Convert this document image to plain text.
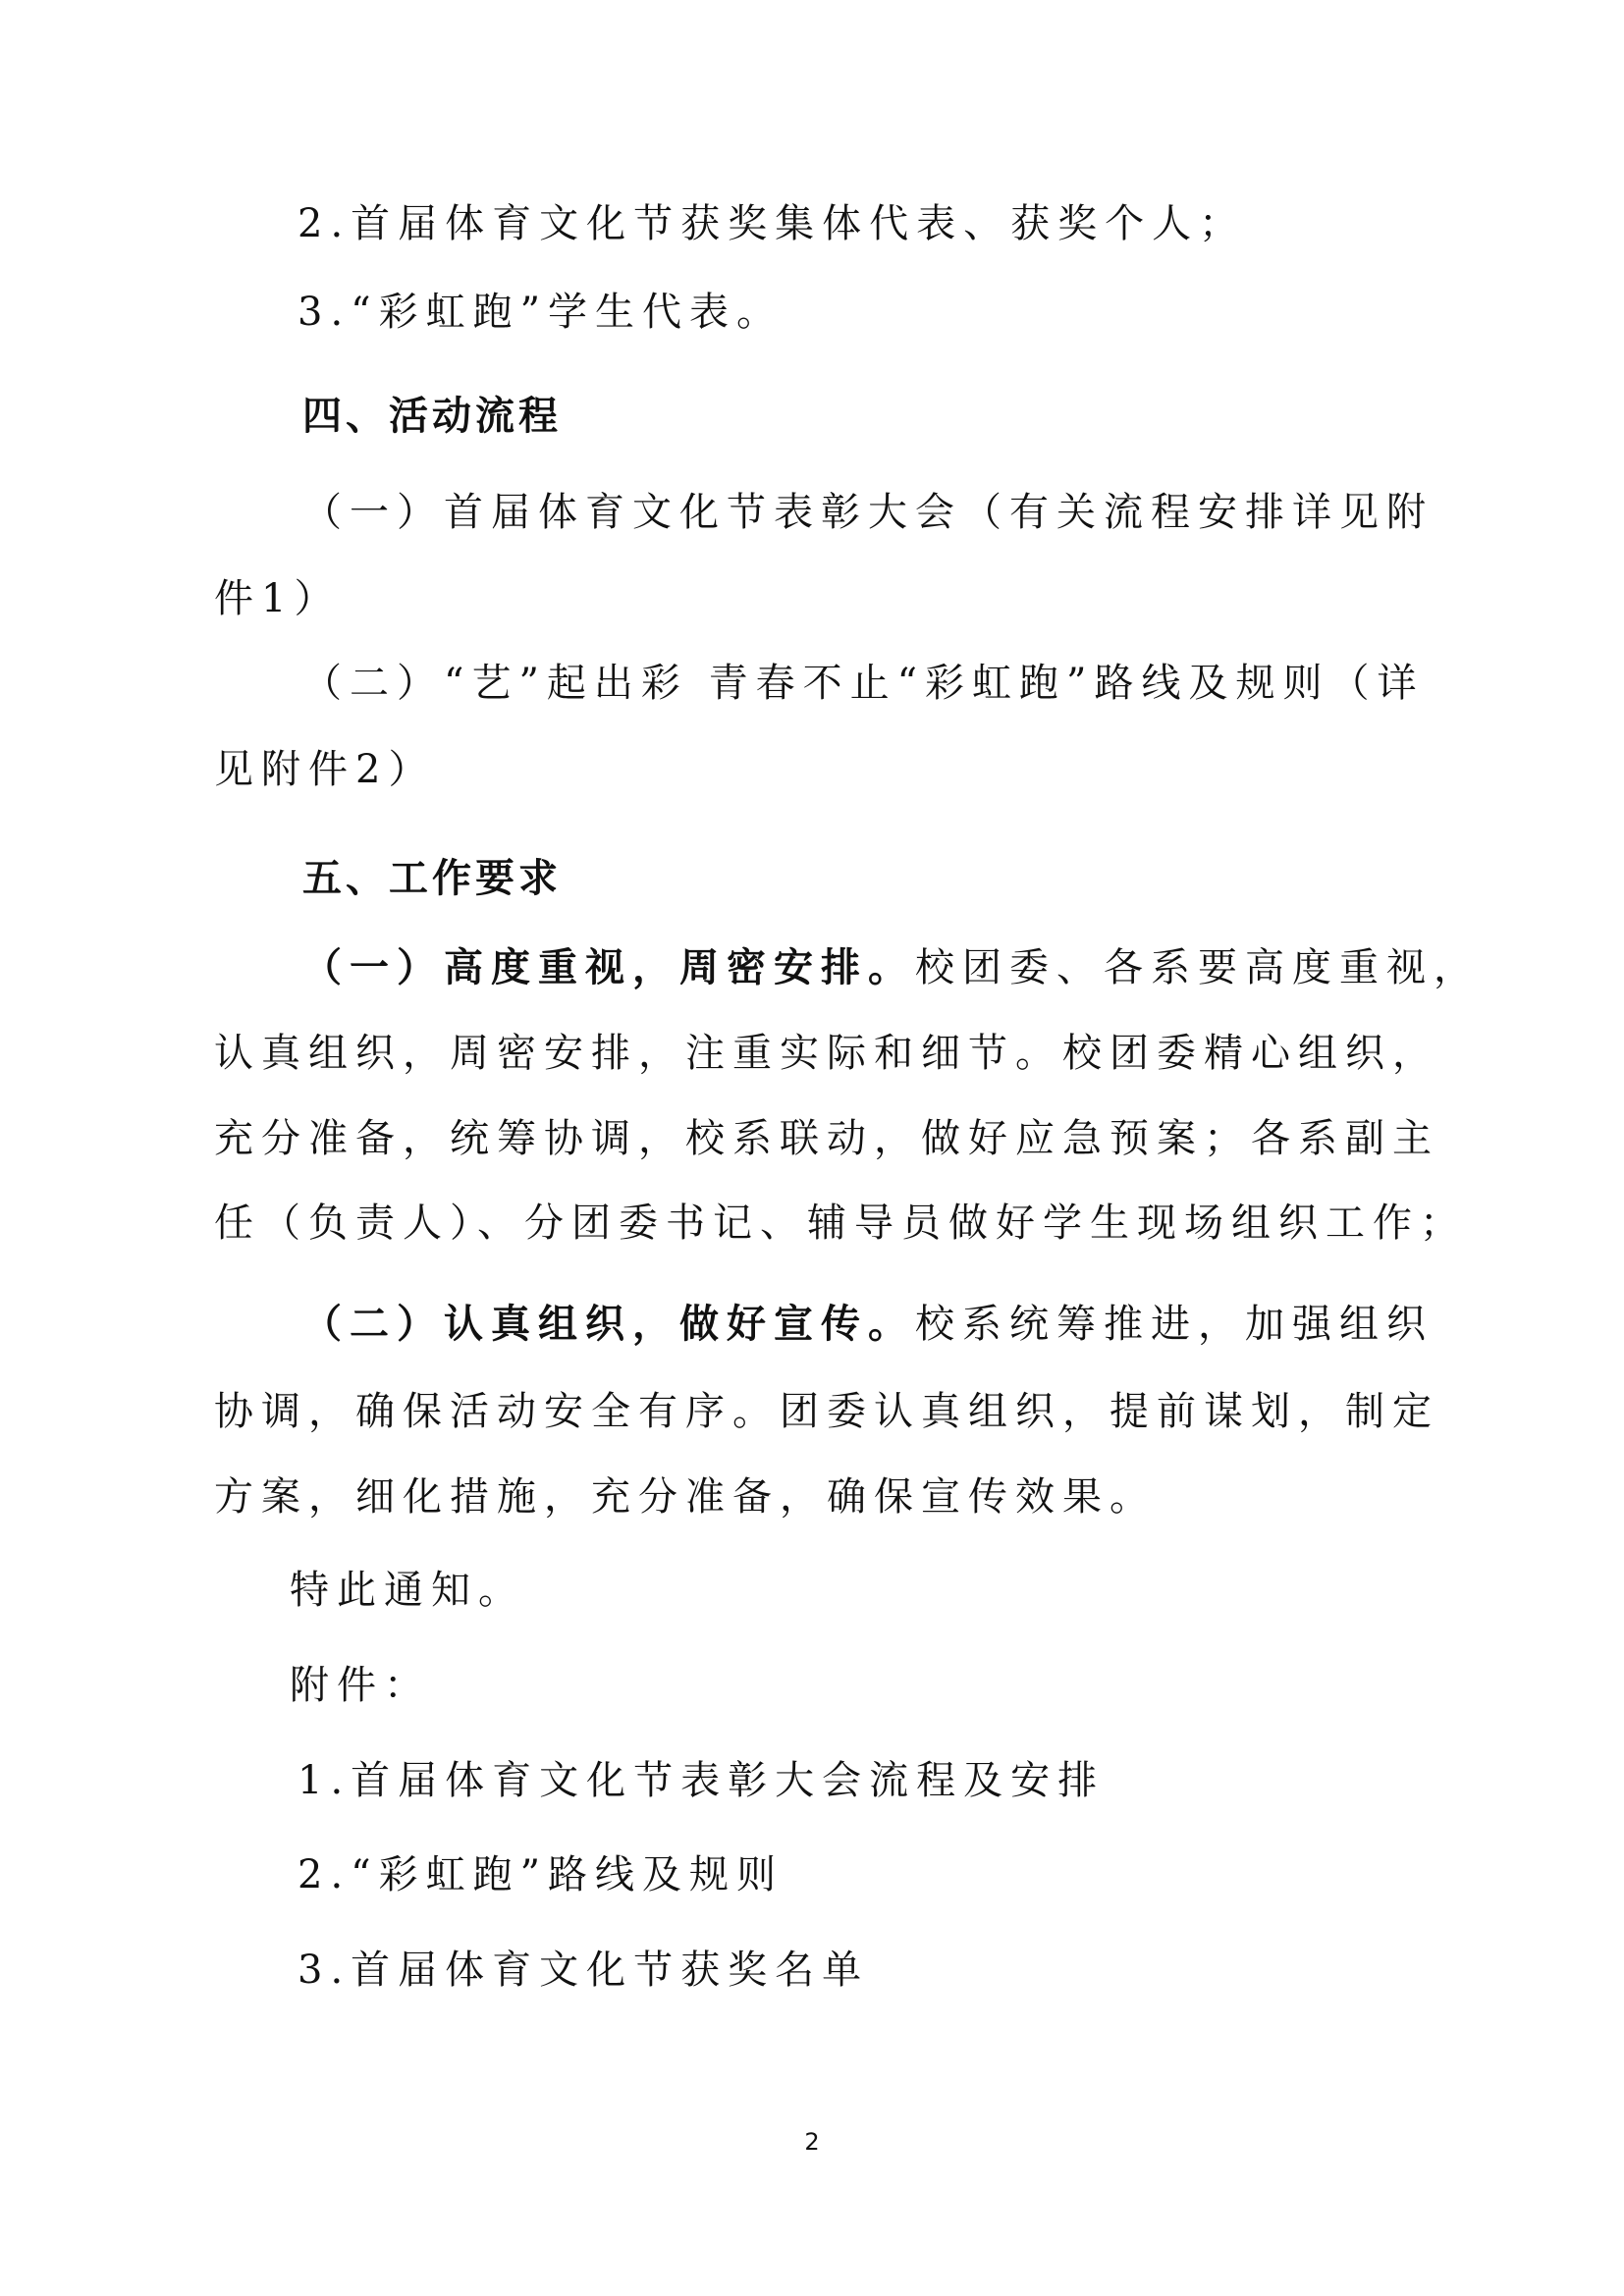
2.首届体育文化节获奖集体代表、获奖个人；
3.“彩虹跑”学生代表。
四、活动流程
（一）首届体育文化节表彰大会（有关流程安排详见附
件1）
（二）“艺”起出彩 青春不止“彩虹跑”路线及规则（详
见附件2）
五、工作要求
（一）高度重视，周密安排。校团委、各系要高度重视，
认真组织，周密安排，注重实际和细节。校团委精心组织，
充分准备，统筹协调，校系联动，做好应急预案；各系副主
任（负责人）、分团委书记、辅导员做好学生现场组织工作；
（二）认真组织，做好宣传。校系统筹推进，加强组织
协调，确保活动安全有序。团委认真组织，提前谋划，制定
方案，细化措施，充分准备，确保宣传效果。
特此通知。
附件：
1.首届体育文化节表彰大会流程及安排
2.“彩虹跑”路线及规则
3.首届体育文化节获奖名单
2
